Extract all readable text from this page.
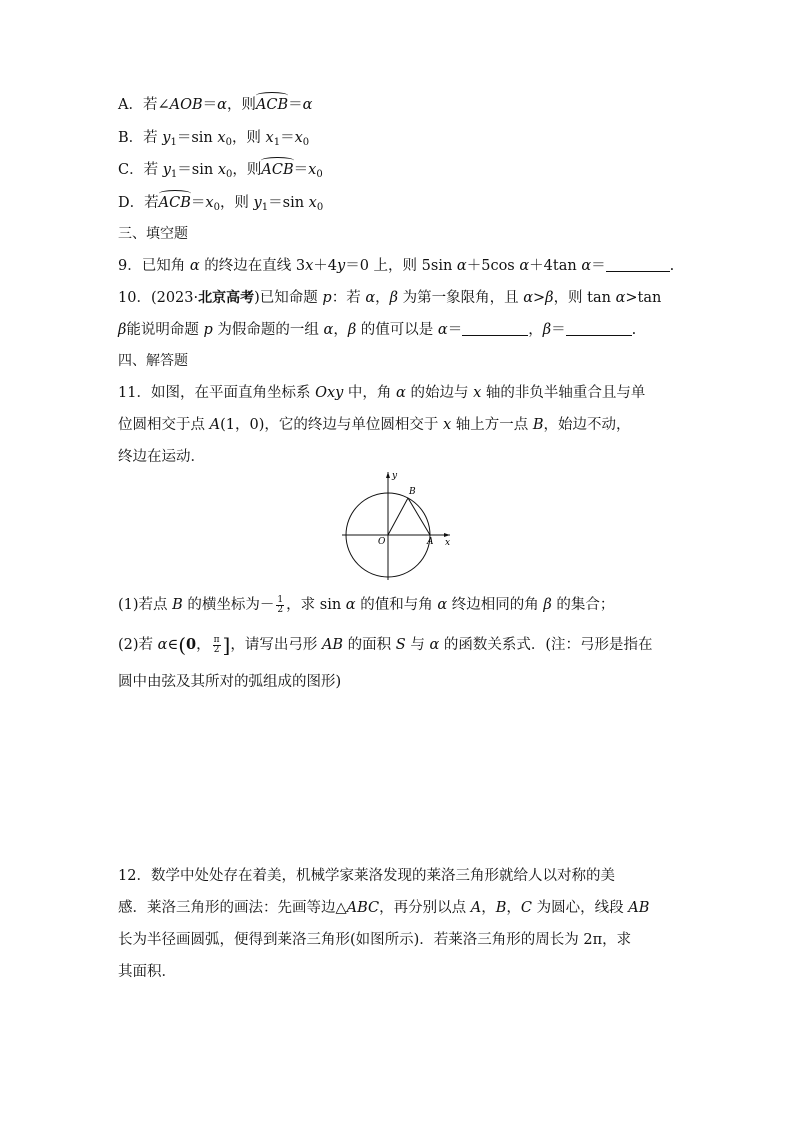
A．若∠AOB＝α，则ACB＝α
B．若 $y_1=\sin$ $x_0$，则 $x_1=x_0$
C．若 $y_1=\sin$ $x_0$，则$ACB=x_0$
D．若$ACB=x_0$，则 $y_1=\sin$ $x_0$
三、填空题
9．已知角 α 的终边在直线 3x＋4y＝0 上，则 5sin α＋5cos α＋4tan α＝	.
10．(2023·北京高考)已知命题 p：若 α，β 为第一象限角，且 α>β，则 tan α>tan
β能说明命题 p 为假命题的一组 α，β 的值可以是 α＝	，β＝	.
四、解答题
11．如图，在平面直角坐标系 Oxy 中，角 α 的始边与 x 轴的非负半轴重合且与单
位圆相交于点 A(1，0)，它的终边与单位圆相交于 x 轴上方一点 B，始边不动，
终边在运动．
y
x
O	A
B
(1)若点 B 的横坐标为－ $\frac{1}{2}$ ，求 sin α 的值和与角 α 终边相同的角 β 的集合；
(2)若 α∈(0， $\frac{\pi}{2}$ ]，请写出弓形 AB 的面积 S 与 α 的函数关系式．(注：弓形是指在
圆中由弦及其所对的弧组成的图形)
12．数学中处处存在着美，机械学家莱洛发现的莱洛三角形就给人以对称的美
感．莱洛三角形的画法：先画等边△ABC，再分别以点 A，B，C 为圆心，线段 AB
长为半径画圆弧，便得到莱洛三角形(如图所示)．若莱洛三角形的周长为 2π，求
其面积．
